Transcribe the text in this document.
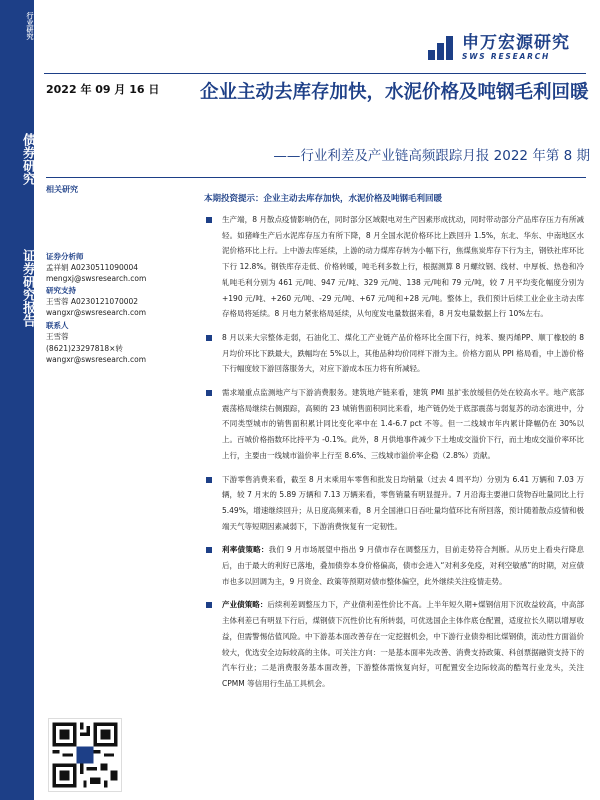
行业研究
债券研究
证券研究报告
申万宏源研究
SWS RESEARCH
2022 年 09 月 16 日 企业主动去库存加快，水泥价格及吨钢毛利回暖
——行业利差及产业链高频跟踪月报 2022 年第 8 期
相关研究
证券分析师
孟祥娟 A0230511090004
mengxj@swsresearch.com
研究支持
王雪蓉 A0230121070002
wangxr@swsresearch.com
联系人
王雪蓉
(8621)23297818×转
wangxr@swsresearch.com
本期投资提示：企业主动去库存加快，水泥价格及吨钢毛利回暖
生产端，8 月散点疫情影响仍在，同时部分区域限电对生产因素形成扰动，同时带动部分产品库存压力有所减轻。如猪峰生产后水泥库存压力有所下降，8 月全国水泥价格环比上跌回升 1.5%，东北、华东、中南地区水泥价格环比上行。上中游去库延续，上游的动力煤库存转为小幅下行，焦煤焦炭库存下行为主，钢铁社库环比下行 12.8%。钢铁库存走低、价格转暖，吨毛利多数上行，根据测算 8 月螺纹钢、线材、中厚板、热卷和冷轧吨毛利分别为 461 元/吨、947 元/吨、329 元/吨、138 元/吨和 79 元/吨，较 7 月平均变化幅度分别为+190 元/吨、+260 元/吨、-29 元/吨、+67 元/吨和+28 元/吨。整体上，我们预计后续工业企业主动去库存格局将延续。8 月电力紧张格局延续，从句度发电量数据来看，8 月发电量数据上行 10%左右。
8 月以来大宗整体走弱，石油化工、煤化工产业链产品价格环比全面下行，纯苯、聚丙烯PP、顺丁橡胶的 8 月均价环比下跌最大，跌幅均在 5%以上，其他品种均价同样下滑为主。价格方面从 PPI 格局看，中上游价格下行幅度较下游回落服务大，对应下游成本压力将有所减轻。
需求端重点监测地产与下游消费服务。建筑地产链来看，建筑 PMI 虽扩张放缓但仍处在较高水平。地产底部震荡格局继续右侧跟踪，高频的 23 城销售面积同比来看，地产链仍处于底部震荡与弱复苏的动态演进中，分不同类型城市的销售面积累计同比变化率中在 1.4-6.7 pct 不等。但一二线城市年内累计降幅仍在 30%以上。百城价格指数环比持平为 -0.1%。此外，8 月供地事件减少下土地成交溢价下行，而土地成交溢价率环比上行，主要由一线城市溢价率上行至 8.6%、三线城市溢价率企稳（2.8%）贡献。
下游零售消费来看，截至 8 月末乘用车零售和批发日均销量（过去 4 周平均）分别为 6.41 万辆和 7.03 万辆，较 7 月末的 5.89 万辆和 7.13 万辆来看，零售销量有明显提升。7 月沿海主要港口货物吞吐量同比上行 5.49%，增速继续回升；从日度高频来看，8 月全国港口日吞吐量均值环比有所回落，预计随着散点疫情和极端天气等短期因素减弱下，下游消费恢复有一定韧性。
利率债策略：我们 9 月市场展望中指出 9 月债市存在调整压力，目前走势符合判断。从历史上看央行降息后，由于最大的利好已落地，叠加债券本身价格偏高，债市会进入“对利多免疫，对利空敏感”的时期，对应债市也多以回调为主，9 月资金、政策等预期对债市整体偏空，此外继续关注疫情走势。
产业债策略：后续利差调整压力下，产业债利差性价比不高。上半年短久期+煤钢信用下沉收益较高，中高部主体利差已有明显下行后，煤钢债下沉性价比有所转弱，可优选国企主体作底仓配置，适度拉长久期以增厚收益，但需警惕估值风险。中下游基本面改善存在一定挖掘机会，中下游行业债券相比煤钢债，流动性方面溢价较大，优选安全边际较高的主体。可关注方向：一是基本面率先改善、消费支持政策、科创票据融资支持下的汽车行业；二是消费服务基本面改善，下游整体需恢复向好，可配置安全边际较高的酷驾行业龙头，关注 CPMM 等信用行生品工具机会。
